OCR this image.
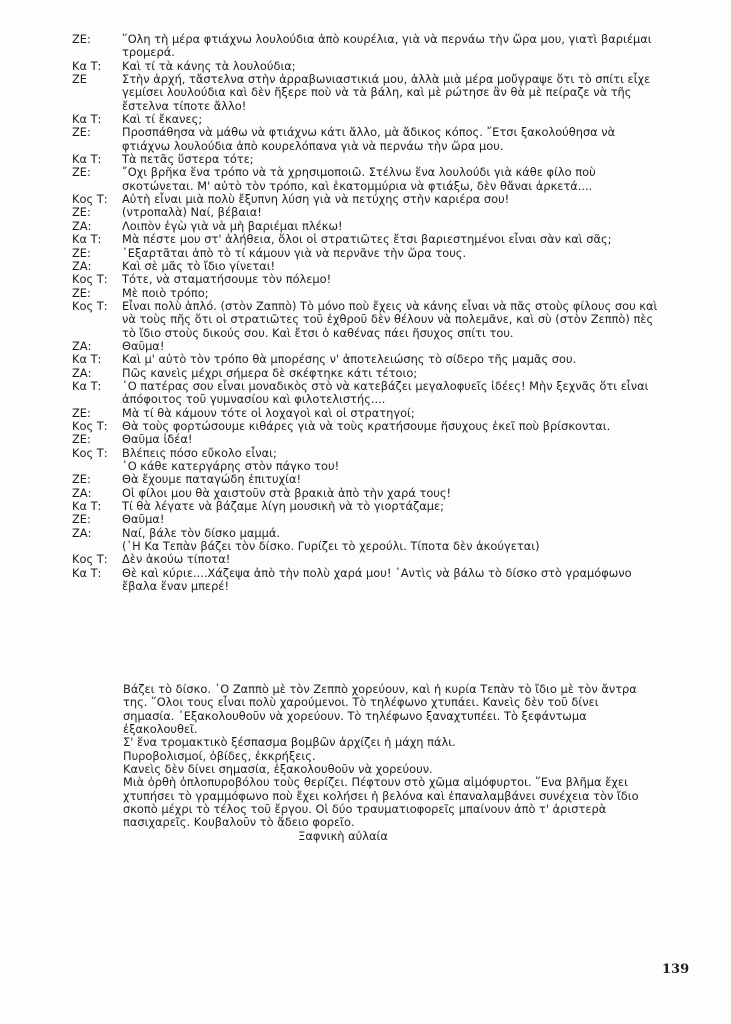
ΖΕ:	῞Ολη τὴ μέρα φτιάχνω λουλούδια ἀπὸ κουρέλια, γιὰ νὰ περνάω τὴν ὥρα μου, γιατὶ βαριέμαι τρομερά.
Κα Τ:	Καὶ τί τὰ κάνης τὰ λουλούδια;
ΖΕ	Στὴν ἀρχή, τἄστελνα στὴν ἀρραβωνιαστικιά μου, ἀλλὰ μιὰ μέρα μοὔγραψε ὅτι τὸ σπίτι εἶχε γεμίσει λουλούδια καὶ δὲν ἤξερε ποὺ νὰ τὰ βάλη, καὶ μὲ ρώτησε ἂν θὰ μὲ πείραζε νὰ τῆς ἔστελνα τίποτε ἄλλο!
Κα Τ:	Καὶ τί ἔκανες;
ΖΕ:	Προσπάθησα νὰ μάθω νὰ φτιάχνω κάτι ἄλλο, μὰ ἄδικος κόπος. ῎Ετσι ξακολούθησα νὰ φτιάχνω λουλούδια ἀπὸ κουρελόπανα γιὰ νὰ περνάω τὴν ὥρα μου.
Κα Τ:	Τὰ πετᾶς ὕστερα τότε;
ΖΕ:	῎Οχι βρῆκα ἕνα τρόπο νὰ τὰ χρησιμοποιῶ. Στέλνω ἕνα λουλούδι γιὰ κάθε φίλο ποὺ σκοτώνεται. Μ' αὐτὸ τὸν τρόπο, καὶ ἑκατομμύρια νὰ φτιάξω, δὲν θἄναι ἀρκετά....
Κος Τ:	Αὐτὴ εἶναι μιὰ πολὺ ἔξυπνη λύση γιὰ νὰ πετύχης στὴν καριέρα σου!
ΖΕ:	(ντροπαλὰ) Ναί, βέβαια!
ΖΑ:	Λοιπὸν ἐγὼ γιὰ νὰ μὴ βαριέμαι πλέκω!
Κα Τ:	Μὰ πέστε μου στ' ἀλήθεια, ὅλοι οἱ στρατιῶτες ἔτσι βαριεστημένοι εἶναι σὰν καὶ σᾶς;
ΖΕ:	᾿Εξαρτᾶται ἀπὸ τὸ τί κάμουν γιὰ νὰ περνᾶνε τὴν ὥρα τους.
ΖΑ:	Καὶ σὲ μᾶς τὸ ἴδιο γίνεται!
Κος Τ:	Τότε, νὰ σταματήσουμε τὸν πόλεμο!
ΖΕ:	Μὲ ποιὸ τρόπο;
Κος Τ:	Εἶναι πολὺ ἁπλό. (στὸν Ζαππὸ) Τὸ μόνο ποὺ ἔχεις νὰ κάνης εἶναι νὰ πᾶς στοὺς φίλους σου καὶ νὰ τοὺς πῆς ὅτι οἱ στρατιῶτες τοῦ ἐχθροῦ δὲν θέλουν νὰ πολεμᾶνε, καὶ σὺ (στὸν Ζεππὸ) πὲς τὸ ἴδιο στοὺς δικούς σου. Καὶ ἔτσι ὁ καθένας πάει ἥσυχος σπίτι του.
ΖΑ:	Θαῦμα!
Κα Τ:	Καὶ μ' αὐτὸ τὸν τρόπο θὰ μπορέσης ν' ἀποτελειώσης τὸ σίδερο τῆς μαμᾶς σου.
ΖΑ:	Πῶς κανεὶς μέχρι σήμερα δὲ σκέφτηκε κάτι τέτοιο;
Κα Τ:	῾Ο πατέρας σου εἶναι μοναδικὸς στὸ νὰ κατεβάζει μεγαλοφυεῖς ἰδέες! Μὴν ξεχνᾶς ὅτι εἶναι ἀπόφοιτος τοῦ γυμνασίου καὶ φιλοτελιστής....
ΖΕ:	Μὰ τί θὰ κάμουν τότε οἱ λοχαγοὶ καὶ οἱ στρατηγοί;
Κος Τ:	Θὰ τοὺς φορτώσουμε κιθάρες γιὰ νὰ τοὺς κρατήσουμε ἥσυχους ἐκεῖ ποὺ βρίσκονται.
ΖΕ:	Θαῦμα ἰδέα!
Κος Τ:	Βλέπεις πόσο εὔκολο εἶναι;
῾Ο κάθε κατεργάρης στὸν πάγκο του!
ΖΕ:	Θὰ ἔχουμε παταγώδη ἐπιτυχία!
ΖΑ:	Οἱ φίλοι μου θὰ χαιστοῦν στὰ βρακιὰ ἀπὸ τὴν χαρά τους!
Κα Τ:	Τί θὰ λέγατε νὰ βάζαμε λίγη μουσικὴ νὰ τὸ γιορτάζαμε;
ΖΕ:	Θαῦμα!
ΖΑ:	Ναί, βάλε τὸν δίσκο μαμμά.
(῾Η Κα Τεπὰν βάζει τὸν δίσκο. Γυρίζει τὸ χερούλι. Τίποτα δὲν ἀκούγεται)
Κος Τ:	Δὲν ἀκούω τίποτα!
Κα Τ:	Θὲ καὶ κύριε....Χάζεψα ἀπὸ τὴν πολὺ χαρά μου! ᾿Αντὶς νὰ βάλω τὸ δίσκο στὸ γραμόφωνο ἔβαλα ἕναν μπερέ!

Βάζει τὸ δίσκο. ῾Ο Ζαππὸ μὲ τὸν Ζεππὸ χορεύουν, καὶ ἡ κυρία Τεπὰν τὸ ἴδιο μὲ τὸν ἄντρα της. ῞Ολοι τους εἶναι πολὺ χαρούμενοι. Τὸ τηλέφωνο χτυπάει. Κανεὶς δὲν τοῦ δίνει σημασία. ᾿Εξακολουθοῦν νὰ χορεύουν. Τὸ τηλέφωνο ξαναχτυπέει. Τὸ ξεφάντωμα ἐξακολουθεῖ.

Σ' ἕνα τρομακτικὸ ξέσπασμα βομβῶν ἀρχίζει ἡ μάχη πάλι.

Πυροβολισμοί, ὀβίδες, ἐκκρήξεις.

Κανεὶς δὲν δίνει σημασία, ἐξακολουθοῦν νὰ χορεύουν.

Μιὰ ὀρθὴ ὀπλοπυροβόλου τοὺς θερίζει. Πέφτουν στὸ χῶμα αἱμόφυρτοι. ῞Ενα βλῆμα ἔχει χτυπήσει τὸ γραμμόφωνο ποὺ ἔχει κολήσει ἡ βελόνα καὶ ἐπαναλαμβάνει συνέχεια τὸν ἴδιο σκοπὸ μέχρι τὸ τέλος τοῦ ἔργου. Οἱ δύο τραυματιοφορεῖς μπαίνουν ἀπὸ τ' ἀριστερὰ πασιχαρεῖς. Κουβαλοῦν τὸ ἄδειο φορεῖο.

Ξαφνικὴ αὐλαία
139
